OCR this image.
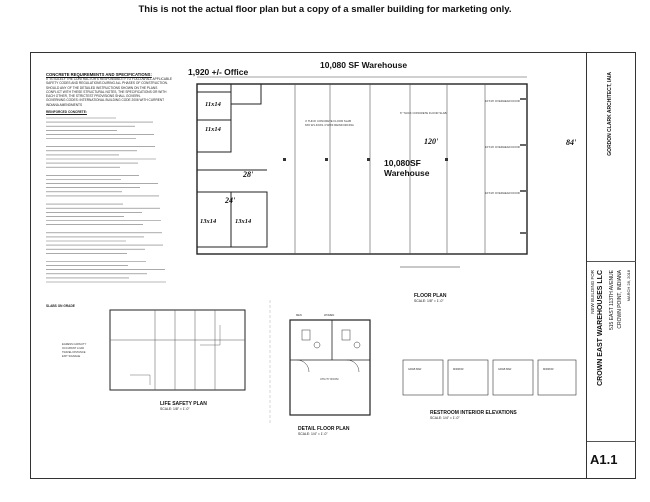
This is not the actual floor plan but a copy of a smaller building for marketing only.
CONCRETE REQUIREMENTS AND SPECIFICATIONS:
IT IS SOLELY THE CONTRACTOR'S RESPONSIBILITY TO FOLLOW ALL APPLICABLE
SAFETY CODES AND REGULATIONS DURING ALL PHASES OF CONSTRUCTION.
SHOULD ANY OF THE DETAILED INSTRUCTIONS SHOWN ON THE PLANS
CONFLICT WITH THESE STRUCTURAL NOTES, THE SPECIFICATIONS OR WITH
EACH OTHER, THE STRICTEST PROVISIONS SHALL GOVERN.
GOVERNING CODES: INTERNATIONAL BUILDING CODE 2006 WITH CURRENT
INDIANA AMENDMENTS
REINFORCED CONCRETE:
SLABS ON GRADE
4' THICK CONCRETE FLOOR SLAB
6X6 W1.4XW1.4 WWF REINFORCING
6" THICK CONCRETE FLOOR SLAB
16'X16' OVERHEAD DOOR
16'X16' OVERHEAD DOOR
16'X16' OVERHEAD DOOR
1,920 +/- Office
10,080 SF Warehouse
10,080SF Warehouse
120'	84'
28'
24'
11x14
11x14
13x14	13x14
FLOOR PLAN
SCALE: 1/8" = 1'-0"
EGRESS CAPACITY
OCCUPANT LOAD
TRAVEL DISTANCE
EXIT SIGNAGE
LIFE SAFETY PLAN
SCALE: 1/8" = 1'-0"
UTILITY ROOM
WOMEN
MEN
DETAIL FLOOR PLAN
SCALE: 1/4" = 1'-0"
GRAB BAR	MIRROR	GRAB BAR	MIRROR
RESTROOM INTERIOR ELEVATIONS
SCALE: 1/4" = 1'-0"
GORDON CLARK ARCHITECT, IAIA
NEW BUILDING FOR CROWN EAST WAREHOUSES LLC 515 EAST 113TH AVENUE CROWN POINT, INDIANA MARCH 28, 2018
A1.1
